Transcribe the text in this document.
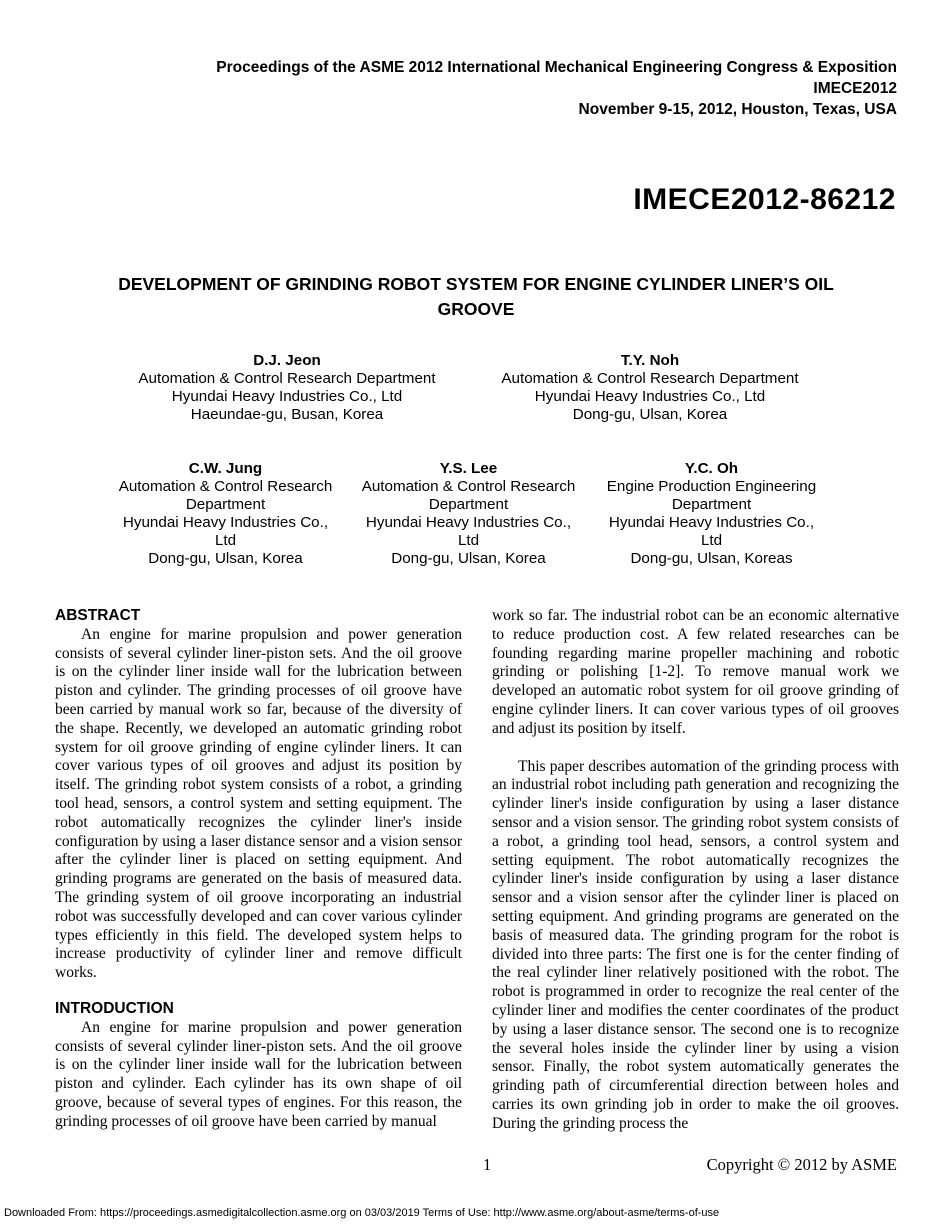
Proceedings of the ASME 2012 International Mechanical Engineering Congress & Exposition
IMECE2012
November 9-15, 2012, Houston, Texas, USA
IMECE2012-86212
DEVELOPMENT OF GRINDING ROBOT SYSTEM FOR ENGINE CYLINDER LINER’S OIL GROOVE
D.J. Jeon
Automation & Control Research Department
Hyundai Heavy Industries Co., Ltd
Haeundae-gu, Busan, Korea
T.Y. Noh
Automation & Control Research Department
Hyundai Heavy Industries Co., Ltd
Dong-gu, Ulsan, Korea
C.W. Jung
Automation & Control Research Department
Hyundai Heavy Industries Co., Ltd
Dong-gu, Ulsan, Korea
Y.S. Lee
Automation & Control Research Department
Hyundai Heavy Industries Co., Ltd
Dong-gu, Ulsan, Korea
Y.C. Oh
Engine Production Engineering Department
Hyundai Heavy Industries Co., Ltd
Dong-gu, Ulsan, Koreas
ABSTRACT

An engine for marine propulsion and power generation consists of several cylinder liner-piston sets. And the oil groove is on the cylinder liner inside wall for the lubrication between piston and cylinder. The grinding processes of oil groove have been carried by manual work so far, because of the diversity of the shape. Recently, we developed an automatic grinding robot system for oil groove grinding of engine cylinder liners. It can cover various types of oil grooves and adjust its position by itself. The grinding robot system consists of a robot, a grinding tool head, sensors, a control system and setting equipment. The robot automatically recognizes the cylinder liner's inside configuration by using a laser distance sensor and a vision sensor after the cylinder liner is placed on setting equipment. And grinding programs are generated on the basis of measured data. The grinding system of oil groove incorporating an industrial robot was successfully developed and can cover various cylinder types efficiently in this field. The developed system helps to increase productivity of cylinder liner and remove difficult works.

INTRODUCTION

An engine for marine propulsion and power generation consists of several cylinder liner-piston sets. And the oil groove is on the cylinder liner inside wall for the lubrication between piston and cylinder. Each cylinder has its own shape of oil groove, because of several types of engines. For this reason, the grinding processes of oil groove have been carried by manual

work so far. The industrial robot can be an economic alternative to reduce production cost. A few related researches can be founding regarding marine propeller machining and robotic grinding or polishing [1-2]. To remove manual work we developed an automatic robot system for oil groove grinding of engine cylinder liners. It can cover various types of oil grooves and adjust its position by itself.

This paper describes automation of the grinding process with an industrial robot including path generation and recognizing the cylinder liner's inside configuration by using a laser distance sensor and a vision sensor. The grinding robot system consists of a robot, a grinding tool head, sensors, a control system and setting equipment. The robot automatically recognizes the cylinder liner's inside configuration by using a laser distance sensor and a vision sensor after the cylinder liner is placed on setting equipment. And grinding programs are generated on the basis of measured data. The grinding program for the robot is divided into three parts: The first one is for the center finding of the real cylinder liner relatively positioned with the robot. The robot is programmed in order to recognize the real center of the cylinder liner and modifies the center coordinates of the product by using a laser distance sensor. The second one is to recognize the several holes inside the cylinder liner by using a vision sensor. Finally, the robot system automatically generates the grinding path of circumferential direction between holes and carries its own grinding job in order to make the oil grooves. During the grinding process the

1	Copyright © 2012 by ASME
Downloaded From: https://proceedings.asmedigitalcollection.asme.org on 03/03/2019 Terms of Use: http://www.asme.org/about-asme/terms-of-use
